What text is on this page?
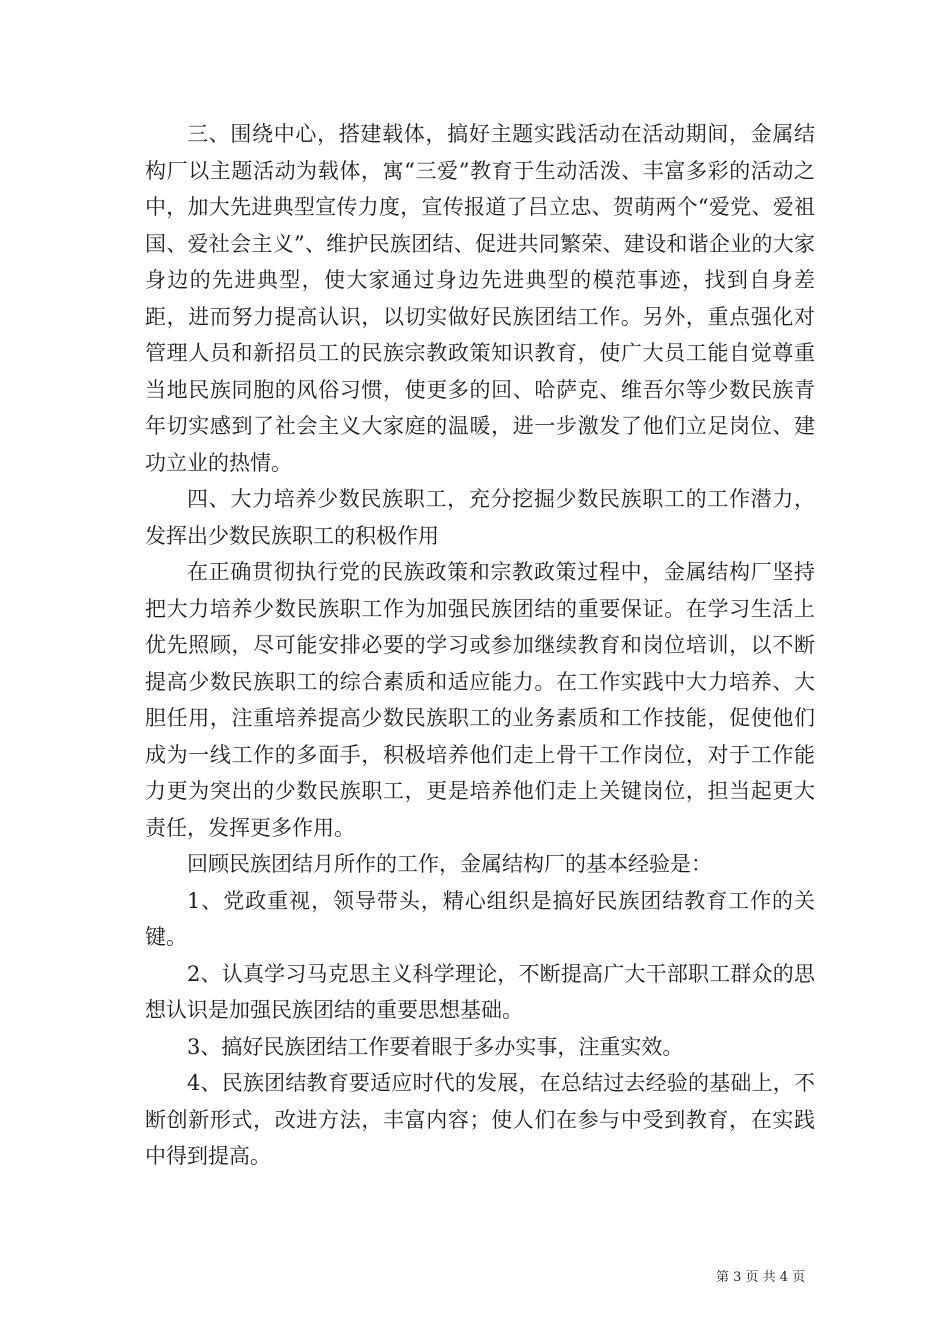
三、围绕中心，搭建载体，搞好主题实践活动在活动期间，金属结构厂以主题活动为载体，寓“三爱”教育于生动活泼、丰富多彩的活动之中，加大先进典型宣传力度，宣传报道了吕立忠、贺萌两个“爱党、爱祖国、爱社会主义”、维护民族团结、促进共同繁荣、建设和谐企业的大家身边的先进典型，使大家通过身边先进典型的模范事迹，找到自身差距，进而努力提高认识，以切实做好民族团结工作。另外，重点强化对管理人员和新招员工的民族宗教政策知识教育，使广大员工能自觉尊重当地民族同胞的风俗习惯，使更多的回、哈萨克、维吾尔等少数民族青年切实感到了社会主义大家庭的温暖，进一步激发了他们立足岗位、建功立业的热情。

四、大力培养少数民族职工，充分挖掘少数民族职工的工作潜力，发挥出少数民族职工的积极作用

在正确贯彻执行党的民族政策和宗教政策过程中，金属结构厂坚持把大力培养少数民族职工作为加强民族团结的重要保证。在学习生活上优先照顾，尽可能安排必要的学习或参加继续教育和岗位培训，以不断提高少数民族职工的综合素质和适应能力。在工作实践中大力培养、大胆任用，注重培养提高少数民族职工的业务素质和工作技能，促使他们成为一线工作的多面手，积极培养他们走上骨干工作岗位，对于工作能力更为突出的少数民族职工，更是培养他们走上关键岗位，担当起更大责任，发挥更多作用。

回顾民族团结月所作的工作，金属结构厂的基本经验是：

1、党政重视，领导带头，精心组织是搞好民族团结教育工作的关键。

2、认真学习马克思主义科学理论，不断提高广大干部职工群众的思想认识是加强民族团结的重要思想基础。

3、搞好民族团结工作要着眼于多办实事，注重实效。

4、民族团结教育要适应时代的发展，在总结过去经验的基础上，不断创新形式，改进方法，丰富内容；使人们在参与中受到教育，在实践中得到提高。

第 3 页 共 4 页
